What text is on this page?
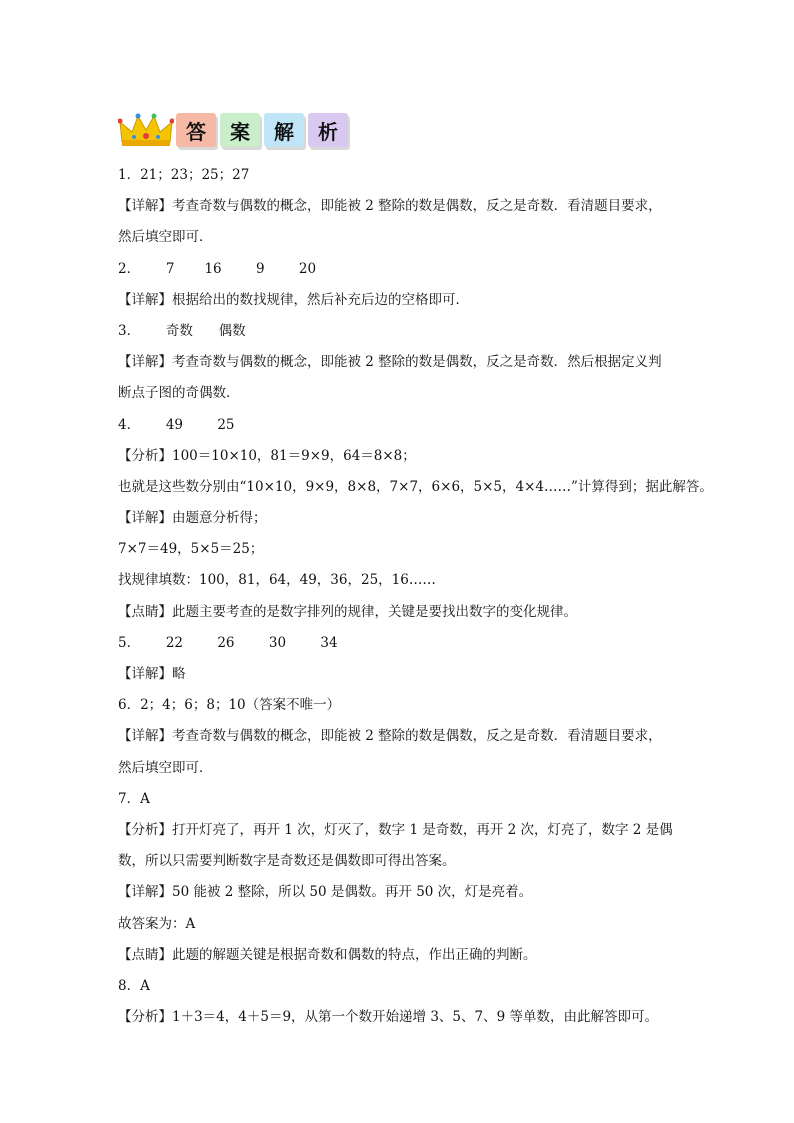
答	案	解	析
1．21；23；25；27
【详解】考查奇数与偶数的概念，即能被 2 整除的数是偶数，反之是奇数．看清题目要求，
然后填空即可．
2．      7       16        9        20
【详解】根据给出的数找规律，然后补充后边的空格即可．
3．      奇数      偶数
【详解】考查奇数与偶数的概念，即能被 2 整除的数是偶数，反之是奇数．然后根据定义判
断点子图的奇偶数．
4．      49        25
【分析】100＝10×10，81＝9×9，64＝8×8；
也就是这些数分别由“10×10，9×9，8×8，7×7，6×6，5×5，4×4……”计算得到；据此解答。
【详解】由题意分析得；
7×7＝49，5×5＝25；
找规律填数：100，81，64，49，36，25，16……
【点睛】此题主要考查的是数字排列的规律，关键是要找出数字的变化规律。
5．      22        26        30        34
【详解】略
6．2；4；6；8；10（答案不唯一）
【详解】考查奇数与偶数的概念，即能被 2 整除的数是偶数，反之是奇数．看清题目要求，
然后填空即可．
7．A
【分析】打开灯亮了，再开 1 次，灯灭了，数字 1 是奇数，再开 2 次，灯亮了，数字 2 是偶
数，所以只需要判断数字是奇数还是偶数即可得出答案。
【详解】50 能被 2 整除，所以 50 是偶数。再开 50 次，灯是亮着。
故答案为：A
【点睛】此题的解题关键是根据奇数和偶数的特点，作出正确的判断。
8．A
【分析】1＋3＝4，4＋5＝9，从第一个数开始递增 3、5、7、9 等单数，由此解答即可。
